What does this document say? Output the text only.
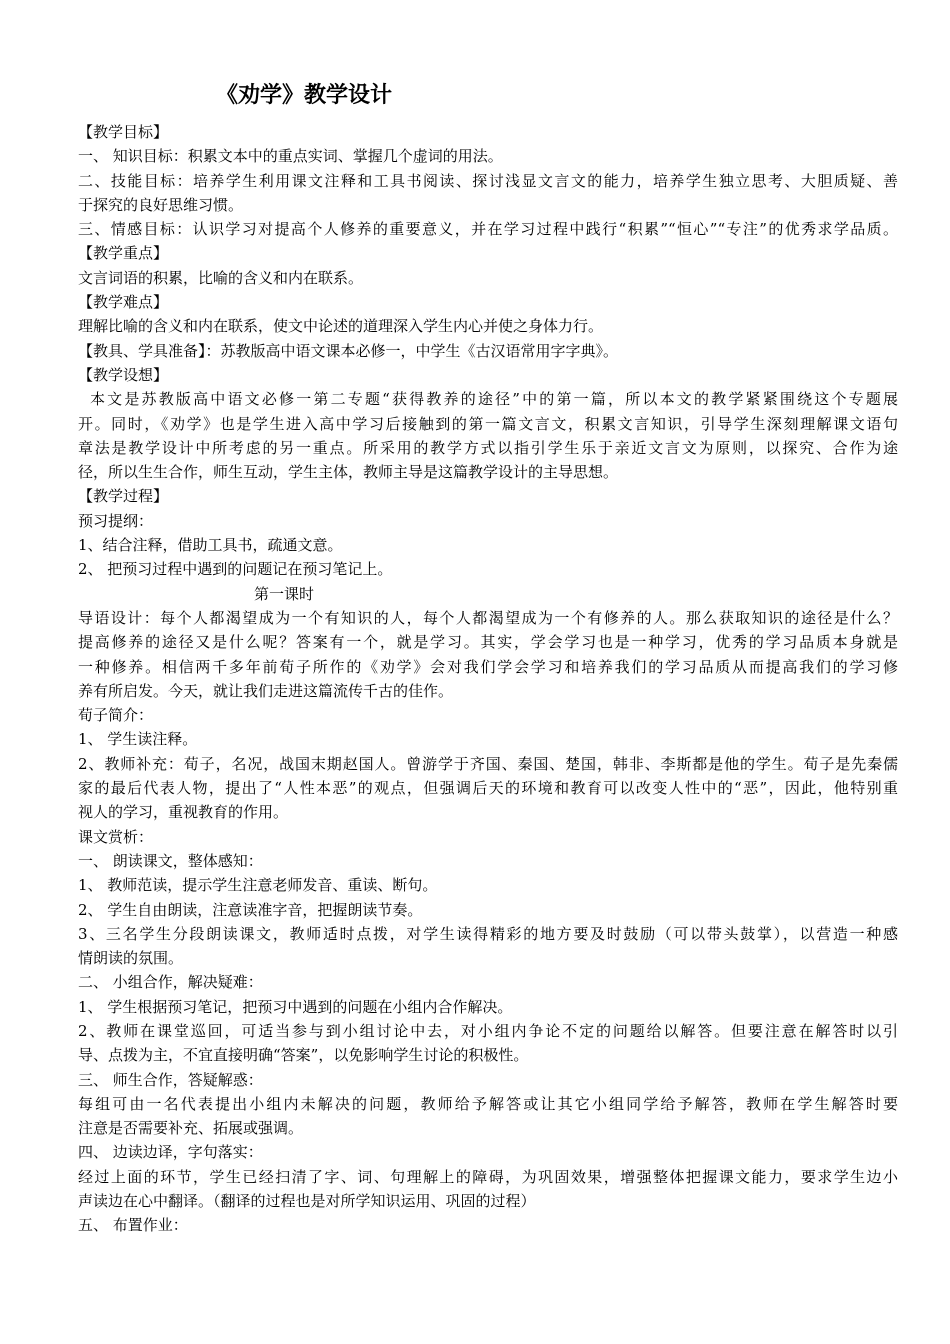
《劝学》教学设计
【教学目标】
一、 知识目标：积累文本中的重点实词、掌握几个虚词的用法。
二、技能目标：培养学生利用课文注释和工具书阅读、探讨浅显文言文的能力，培养学生独立思考、大胆质疑、善
于探究的良好思维习惯。
三、情感目标：认识学习对提高个人修养的重要意义，并在学习过程中践行“积累”“恒心”“专注”的优秀求学品质。
【教学重点】
文言词语的积累，比喻的含义和内在联系。
【教学难点】
理解比喻的含义和内在联系，使文中论述的道理深入学生内心并使之身体力行。
【教具、学具准备】：苏教版高中语文课本必修一，中学生《古汉语常用字字典》。
【教学设想】
本文是苏教版高中语文必修一第二专题“获得教养的途径”中的第一篇，所以本文的教学紧紧围绕这个专题展
开。同时，《劝学》也是学生进入高中学习后接触到的第一篇文言文，积累文言知识，引导学生深刻理解课文语句
章法是教学设计中所考虑的另一重点。所采用的教学方式以指引学生乐于亲近文言文为原则，以探究、合作为途
径，所以生生合作，师生互动，学生主体，教师主导是这篇教学设计的主导思想。
【教学过程】
预习提纲：
1、结合注释，借助工具书，疏通文意。
2、 把预习过程中遇到的问题记在预习笔记上。
第一课时
导语设计：每个人都渴望成为一个有知识的人，每个人都渴望成为一个有修养的人。那么获取知识的途径是什么？
提高修养的途径又是什么呢？答案有一个，就是学习。其实，学会学习也是一种学习，优秀的学习品质本身就是
一种修养。相信两千多年前荀子所作的《劝学》会对我们学会学习和培养我们的学习品质从而提高我们的学习修
养有所启发。今天，就让我们走进这篇流传千古的佳作。
荀子简介：
1、 学生读注释。
2、教师补充：荀子，名况，战国末期赵国人。曾游学于齐国、秦国、楚国，韩非、李斯都是他的学生。荀子是先秦儒
家的最后代表人物，提出了“人性本恶”的观点，但强调后天的环境和教育可以改变人性中的“恶”，因此，他特别重
视人的学习，重视教育的作用。
课文赏析：
一、 朗读课文，整体感知：
1、 教师范读，提示学生注意老师发音、重读、断句。
2、 学生自由朗读，注意读准字音，把握朗读节奏。
3、三名学生分段朗读课文，教师适时点拨，对学生读得精彩的地方要及时鼓励（可以带头鼓掌），以营造一种感
情朗读的氛围。
二、 小组合作，解决疑难：
1、 学生根据预习笔记，把预习中遇到的问题在小组内合作解决。
2、教师在课堂巡回，可适当参与到小组讨论中去，对小组内争论不定的问题给以解答。但要注意在解答时以引
导、点拨为主，不宜直接明确“答案”，以免影响学生讨论的积极性。
三、 师生合作，答疑解惑：
每组可由一名代表提出小组内未解决的问题，教师给予解答或让其它小组同学给予解答，教师在学生解答时要
注意是否需要补充、拓展或强调。
四、 边读边译，字句落实：
经过上面的环节，学生已经扫清了字、词、句理解上的障碍，为巩固效果，增强整体把握课文能力，要求学生边小
声读边在心中翻译。（翻译的过程也是对所学知识运用、巩固的过程）
五、 布置作业：
